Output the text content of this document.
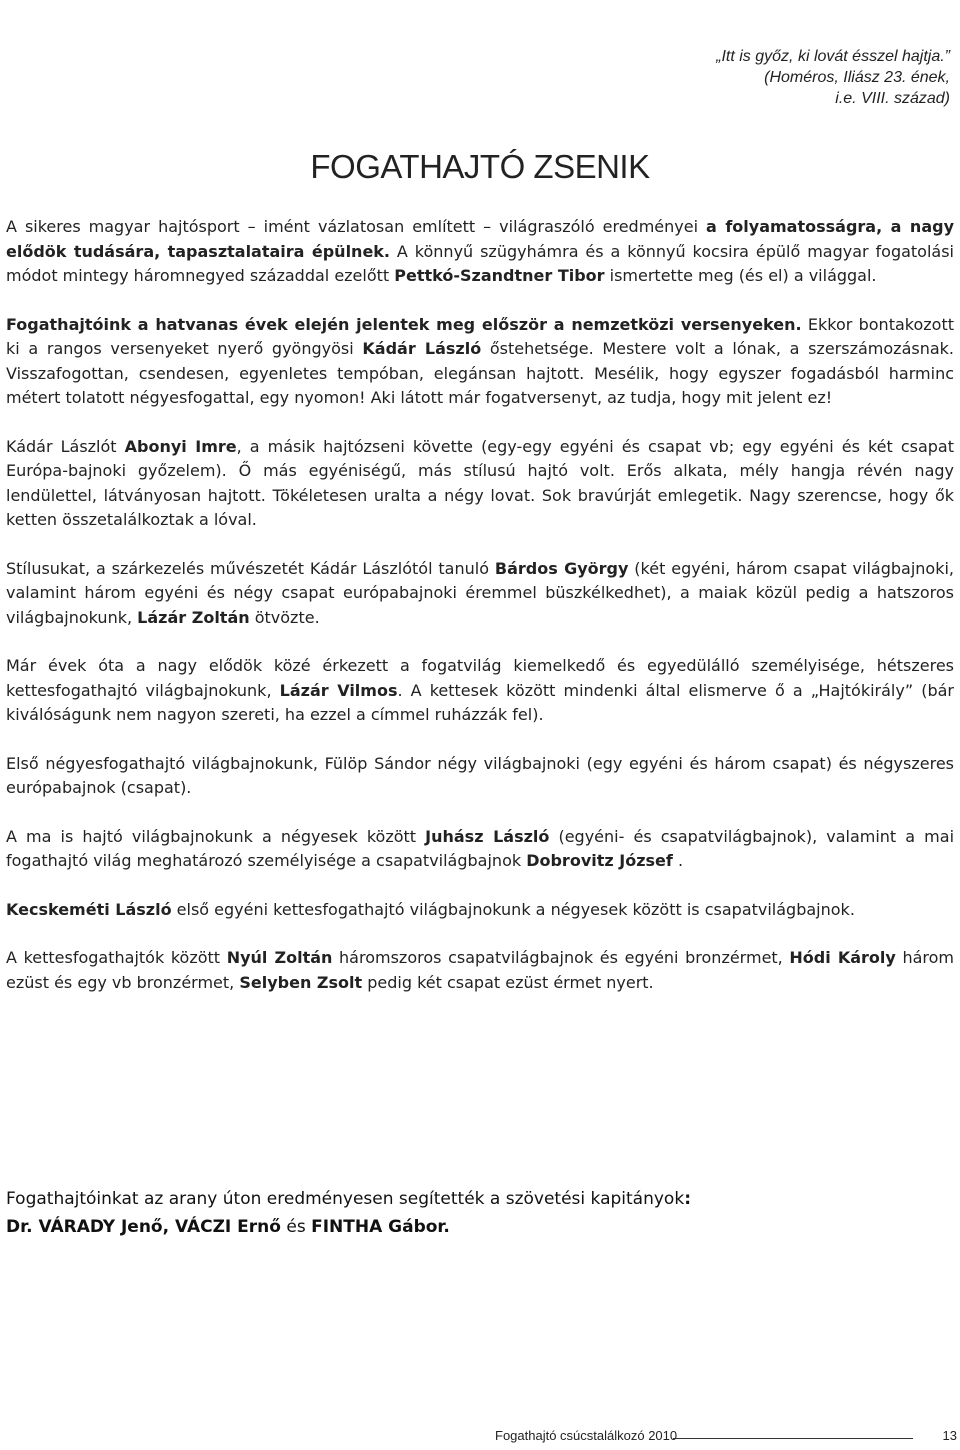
„Itt is győz, ki lovát ésszel hajtja.”
(Homéros, Iliász 23. ének,
i.e. VIII. század)
FOGATHAJTÓ ZSENIK

A sikeres magyar hajtósport – imént vázlatosan említett – világraszóló eredményei a folyamatosságra, a nagy elődök tudására, tapasztalataira épülnek. A könnyű szügyhámra és a könnyű kocsira épülő magyar fogatolási módot mintegy háromnegyed századdal ezelőtt Pettkó-Szandtner Tibor ismertette meg (és el) a világgal.

Fogathajtóink a hatvanas évek elején jelentek meg először a nemzetközi versenyeken. Ekkor bontakozott ki a rangos versenyeket nyerő gyöngyösi Kádár László őstehetsége. Mestere volt a lónak, a szerszámozásnak. Visszafogottan, csendesen, egyenletes tempóban, elegánsan hajtott. Mesélik, hogy egyszer fogadásból harminc métert tolatott négyesfogattal, egy nyomon! Aki látott már fogatversenyt, az tudja, hogy mit jelent ez!

Kádár Lászlót Abonyi Imre, a másik hajtózseni követte (egy-egy egyéni és csapat vb; egy egyéni és két csapat Európa-bajnoki győzelem). Ő más egyéniségű, más stílusú hajtó volt. Erős alkata, mély hangja révén nagy lendülettel, látványosan hajtott. Tökéletesen uralta a négy lovat. Sok bravúrját emlegetik. Nagy szerencse, hogy ők ketten összetalálkoztak a lóval.

Stílusukat, a szárkezelés művészetét Kádár Lászlótól tanuló Bárdos György (két egyéni, három csapat világbajnoki, valamint három egyéni és négy csapat európabajnoki éremmel büszkélkedhet), a maiak közül pedig a hatszoros világbajnokunk, Lázár Zoltán ötvözte.

Már évek óta a nagy elődök közé érkezett a fogatvilág kiemelkedő és egyedülálló személyisége, hétszeres kettesfogathajtó világbajnokunk, Lázár Vilmos. A kettesek között mindenki által elismerve ő a „Hajtókirály” (bár kiválóságunk nem nagyon szereti, ha ezzel a címmel ruházzák fel).

Első négyesfogathajtó világbajnokunk, Fülöp Sándor négy világbajnoki (egy egyéni és három csapat) és négyszeres európabajnok (csapat).

A ma is hajtó világbajnokunk a négyesek között Juhász László (egyéni- és csapatvilágbajnok), valamint a mai fogathajtó világ meghatározó személyisége a csapatvilágbajnok Dobrovitz József .

Kecskeméti László első egyéni kettesfogathajtó világbajnokunk a négyesek között is csapatvilágbajnok.

A kettesfogathajtók között Nyúl Zoltán háromszoros csapatvilágbajnok és egyéni bronzérmet, Hódi Károly három ezüst és egy vb bronzérmet, Selyben Zsolt pedig két csapat ezüst érmet nyert.

Fogathajtóinkat az arany úton eredményesen segítették a szövetési kapitányok:
Dr. VÁRADY Jenő, VÁCZI Ernő és FINTHA Gábor.
Fogathajtó csúcstalálkozó 2010	13
